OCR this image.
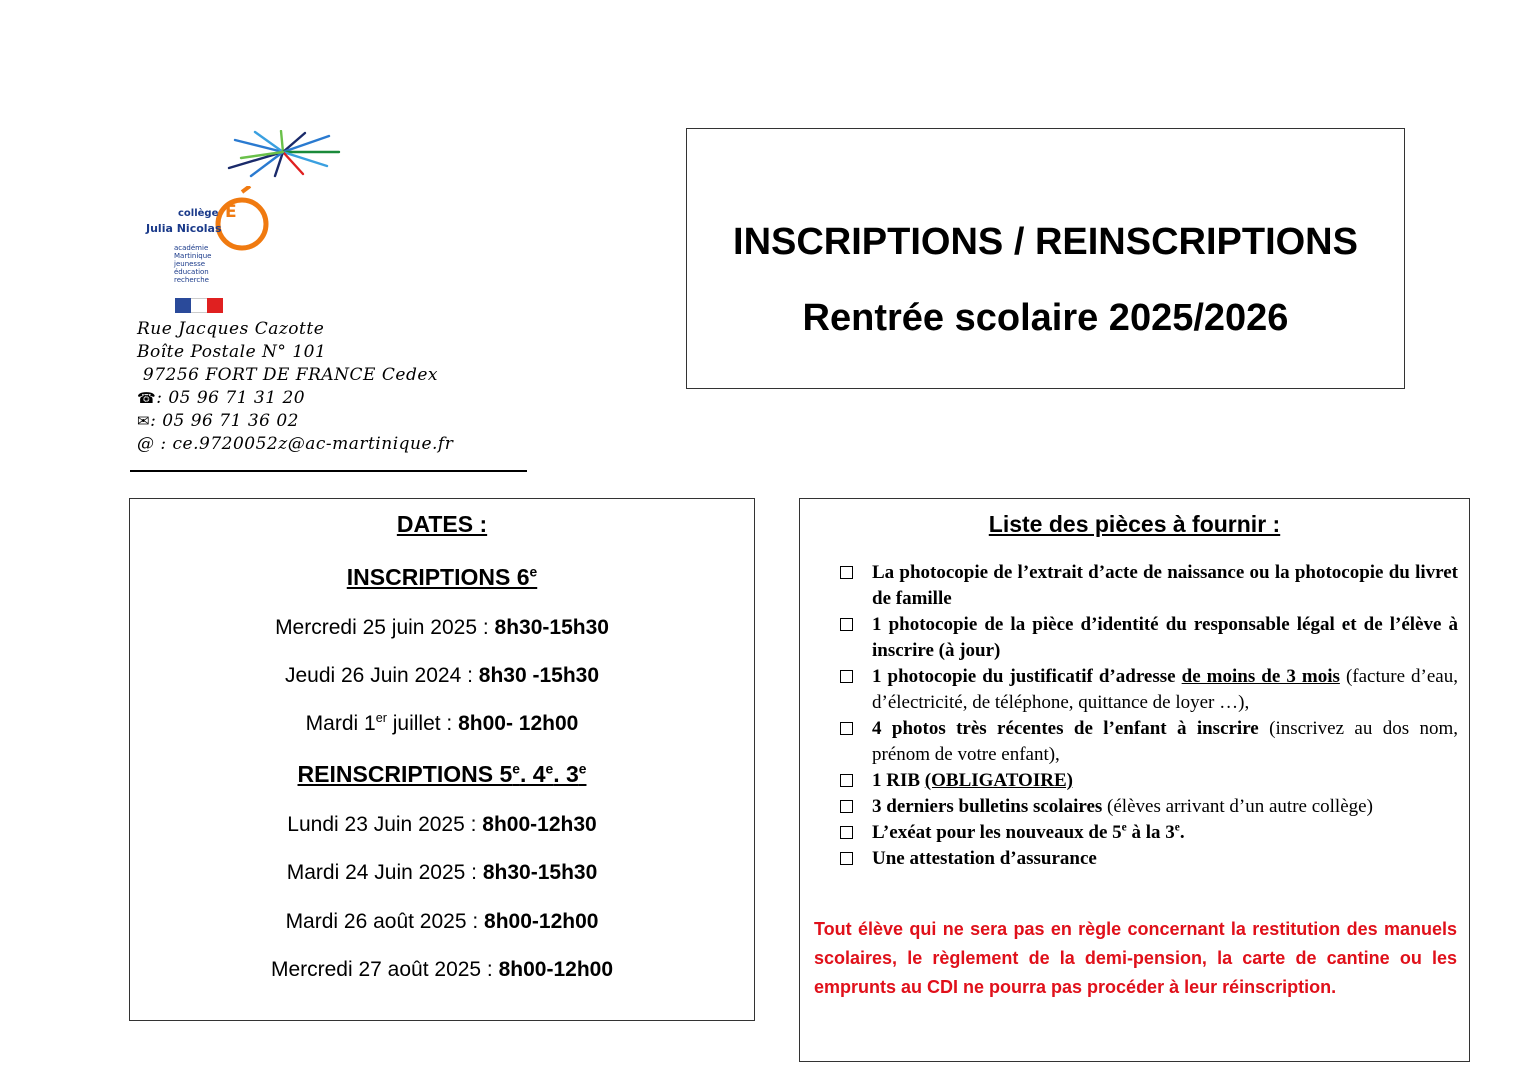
É
collège
Julia Nicolas
académie
Martinique
jeunesse
éducation
recherche
Rue Jacques Cazotte
Boîte Postale N° 101
97256 FORT DE FRANCE Cedex
☎: 05 96 71 31 20
✉: 05 96 71 36 02
@ : ce.9720052z@ac-martinique.fr
INSCRIPTIONS / REINSCRIPTIONS
Rentrée scolaire 2025/2026
DATES :
INSCRIPTIONS 6e
Mercredi 25 juin 2025 : 8h30-15h30
Jeudi 26 Juin 2024 : 8h30 -15h30
Mardi 1er juillet : 8h00- 12h00
REINSCRIPTIONS 5e. 4e. 3e
Lundi 23 Juin 2025 : 8h00-12h30
Mardi 24 Juin 2025 : 8h30-15h30
Mardi 26 août 2025 : 8h00-12h00
Mercredi 27 août 2025 : 8h00-12h00
Liste des pièces à fournir :
La photocopie de l’extrait d’acte de naissance ou la photocopie du livret de famille
1 photocopie de la pièce d’identité du responsable légal et de l’élève à inscrire (à jour)
1 photocopie du justificatif d’adresse de moins de 3 mois (facture d’eau, d’électricité, de téléphone, quittance de loyer …),
4 photos très récentes de l’enfant à inscrire (inscrivez au dos nom, prénom de votre enfant),
1 RIB (OBLIGATOIRE)
3 derniers bulletins scolaires (élèves arrivant d’un autre collège)
L’exéat pour les nouveaux de 5e à la 3e.
Une attestation d’assurance
Tout élève qui ne sera pas en règle concernant la restitution des manuels scolaires, le règlement de la demi-pension, la carte de cantine ou les emprunts au CDI ne pourra pas procéder à leur réinscription.
